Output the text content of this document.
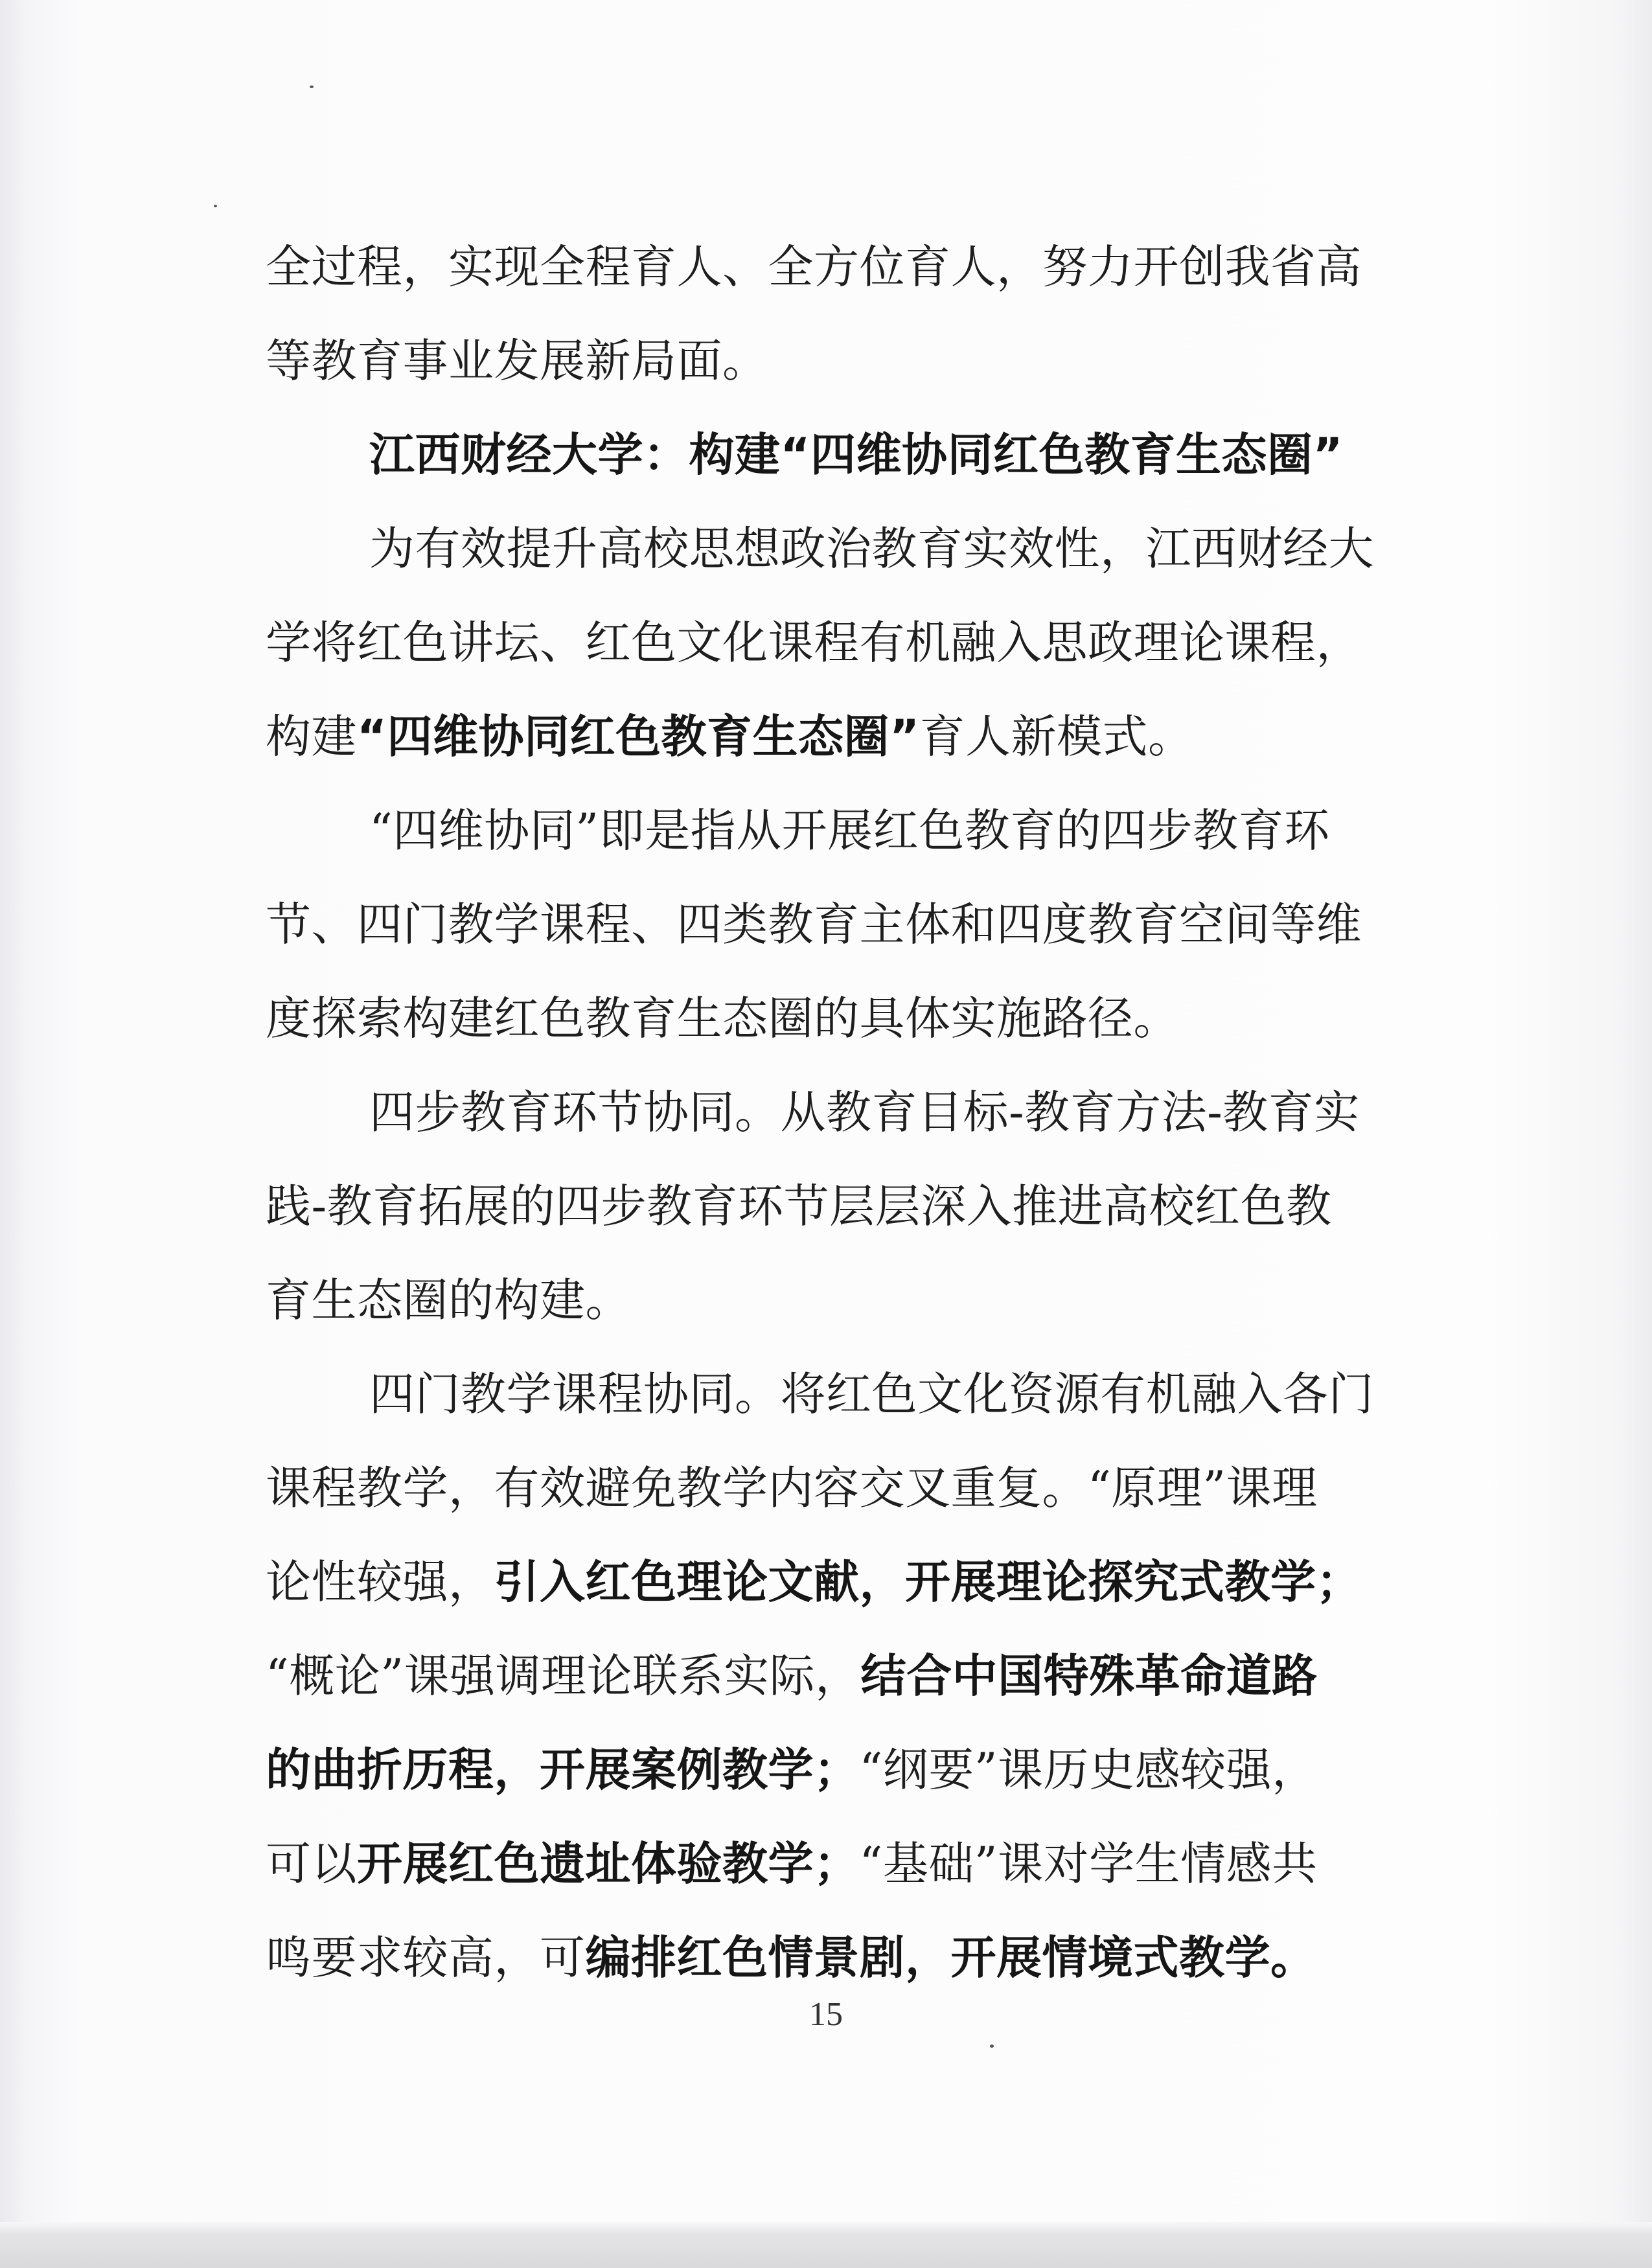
全过程，实现全程育人、全方位育人，努力开创我省高
等教育事业发展新局面。
江西财经大学：构建“四维协同红色教育生态圈”
为有效提升高校思想政治教育实效性，江西财经大
学将红色讲坛、红色文化课程有机融入思政理论课程，
构建“四维协同红色教育生态圈”育人新模式。
“四维协同”即是指从开展红色教育的四步教育环
节、四门教学课程、四类教育主体和四度教育空间等维
度探索构建红色教育生态圈的具体实施路径。
四步教育环节协同。从教育目标-教育方法-教育实
践-教育拓展的四步教育环节层层深入推进高校红色教
育生态圈的构建。
四门教学课程协同。将红色文化资源有机融入各门
课程教学，有效避免教学内容交叉重复。“原理”课理
论性较强，引入红色理论文献，开展理论探究式教学；
“概论”课强调理论联系实际，结合中国特殊革命道路
的曲折历程，开展案例教学；“纲要”课历史感较强，
可以开展红色遗址体验教学；“基础”课对学生情感共
鸣要求较高，可编排红色情景剧，开展情境式教学。
15
